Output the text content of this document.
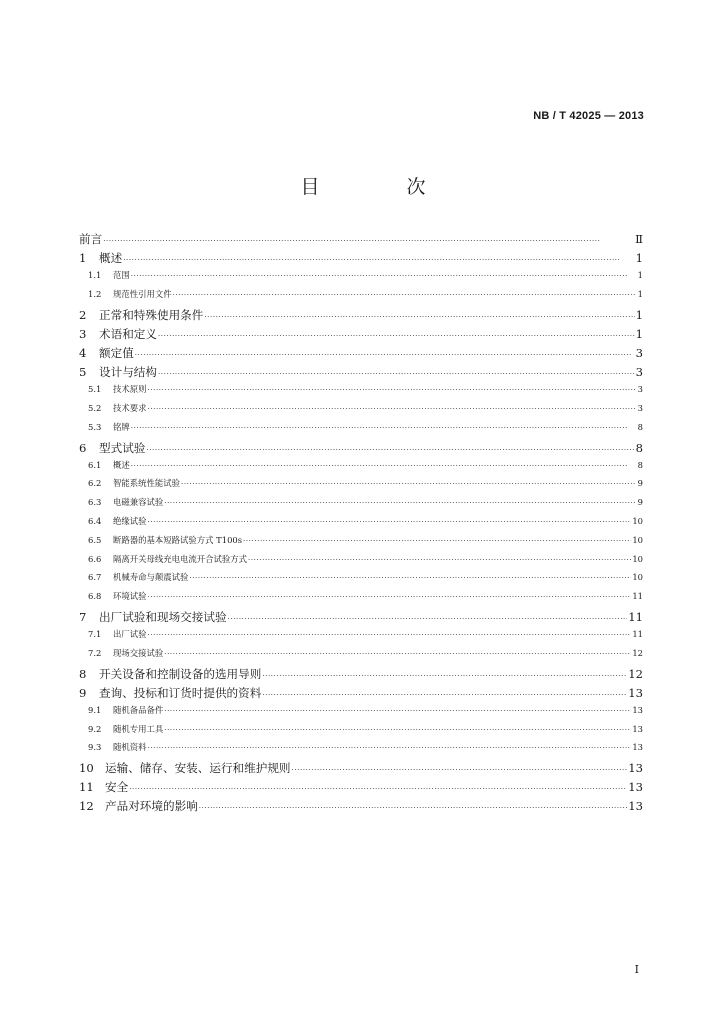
NB / T 42025 — 2013
目　次
前言 ·····	Ⅱ
1	概述 ·····	1
1.1	范围 ·····	1
1.2	规范性引用文件 ·····	1
2	正常和特殊使用条件 ·····	1
3	术语和定义 ·····	1
4	额定值 ·····	3
5	设计与结构 ·····	3
5.1	技术原则 ·····	3
5.2	技术要求 ·····	3
5.3	铭牌 ·····	8
6	型式试验 ·····	8
6.1	概述 ·····	8
6.2	智能系统性能试验 ·····	9
6.3	电磁兼容试验 ·····	9
6.4	绝缘试验 ·····	10
6.5	断路器的基本短路试验方式 T100s ·····	10
6.6	隔离开关母线充电电流开合试验方式 ·····	10
6.7	机械寿命与颠震试验 ·····	10
6.8	环境试验 ·····	11
7	出厂试验和现场交接试验 ·····	11
7.1	出厂试验 ·····	11
7.2	现场交接试验 ·····	12
8	开关设备和控制设备的选用导则 ·····	12
9	查询、投标和订货时提供的资料 ·····	13
9.1	随机备品备件 ·····	13
9.2	随机专用工具 ·····	13
9.3	随机资料 ·····	13
10 运输、储存、安装、运行和维护规则 ·····	13
11 安全 ·····	13
12 产品对环境的影响 ·····	13
I
